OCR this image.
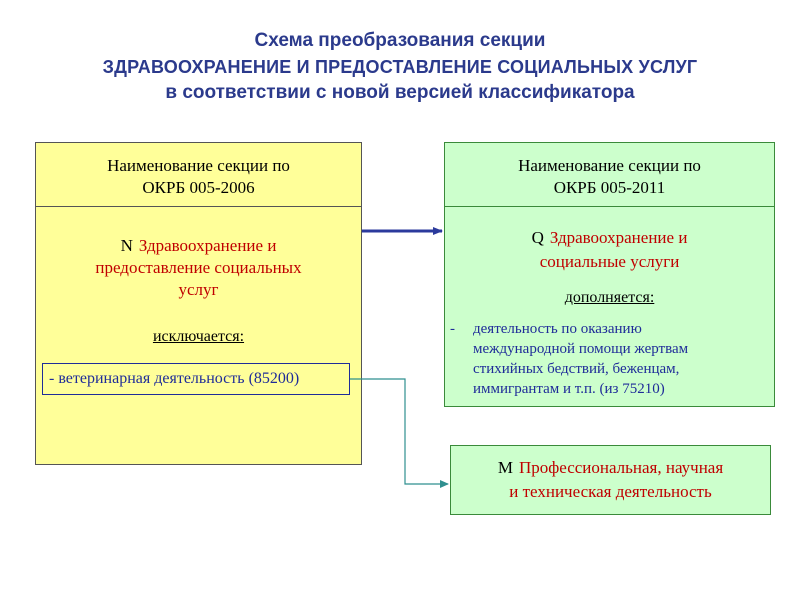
Схема преобразования секции
ЗДРАВООХРАНЕНИЕ И ПРЕДОСТАВЛЕНИЕ СОЦИАЛЬНЫХ УСЛУГ
в соответствии с новой версией классификатора
Наименование секции по
ОКРБ 005-2006
N Здравоохранение и
предоставление социальных
услуг
исключается:
- ветеринарная деятельность (85200)
Наименование секции по
ОКРБ 005-2011
Q Здравоохранение и
социальные услуги
дополняется:
- деятельность по оказанию
международной помощи жертвам
стихийных бедствий, беженцам,
иммигрантам и т.п. (из 75210)
M Профессиональная, научная
и техническая деятельность
